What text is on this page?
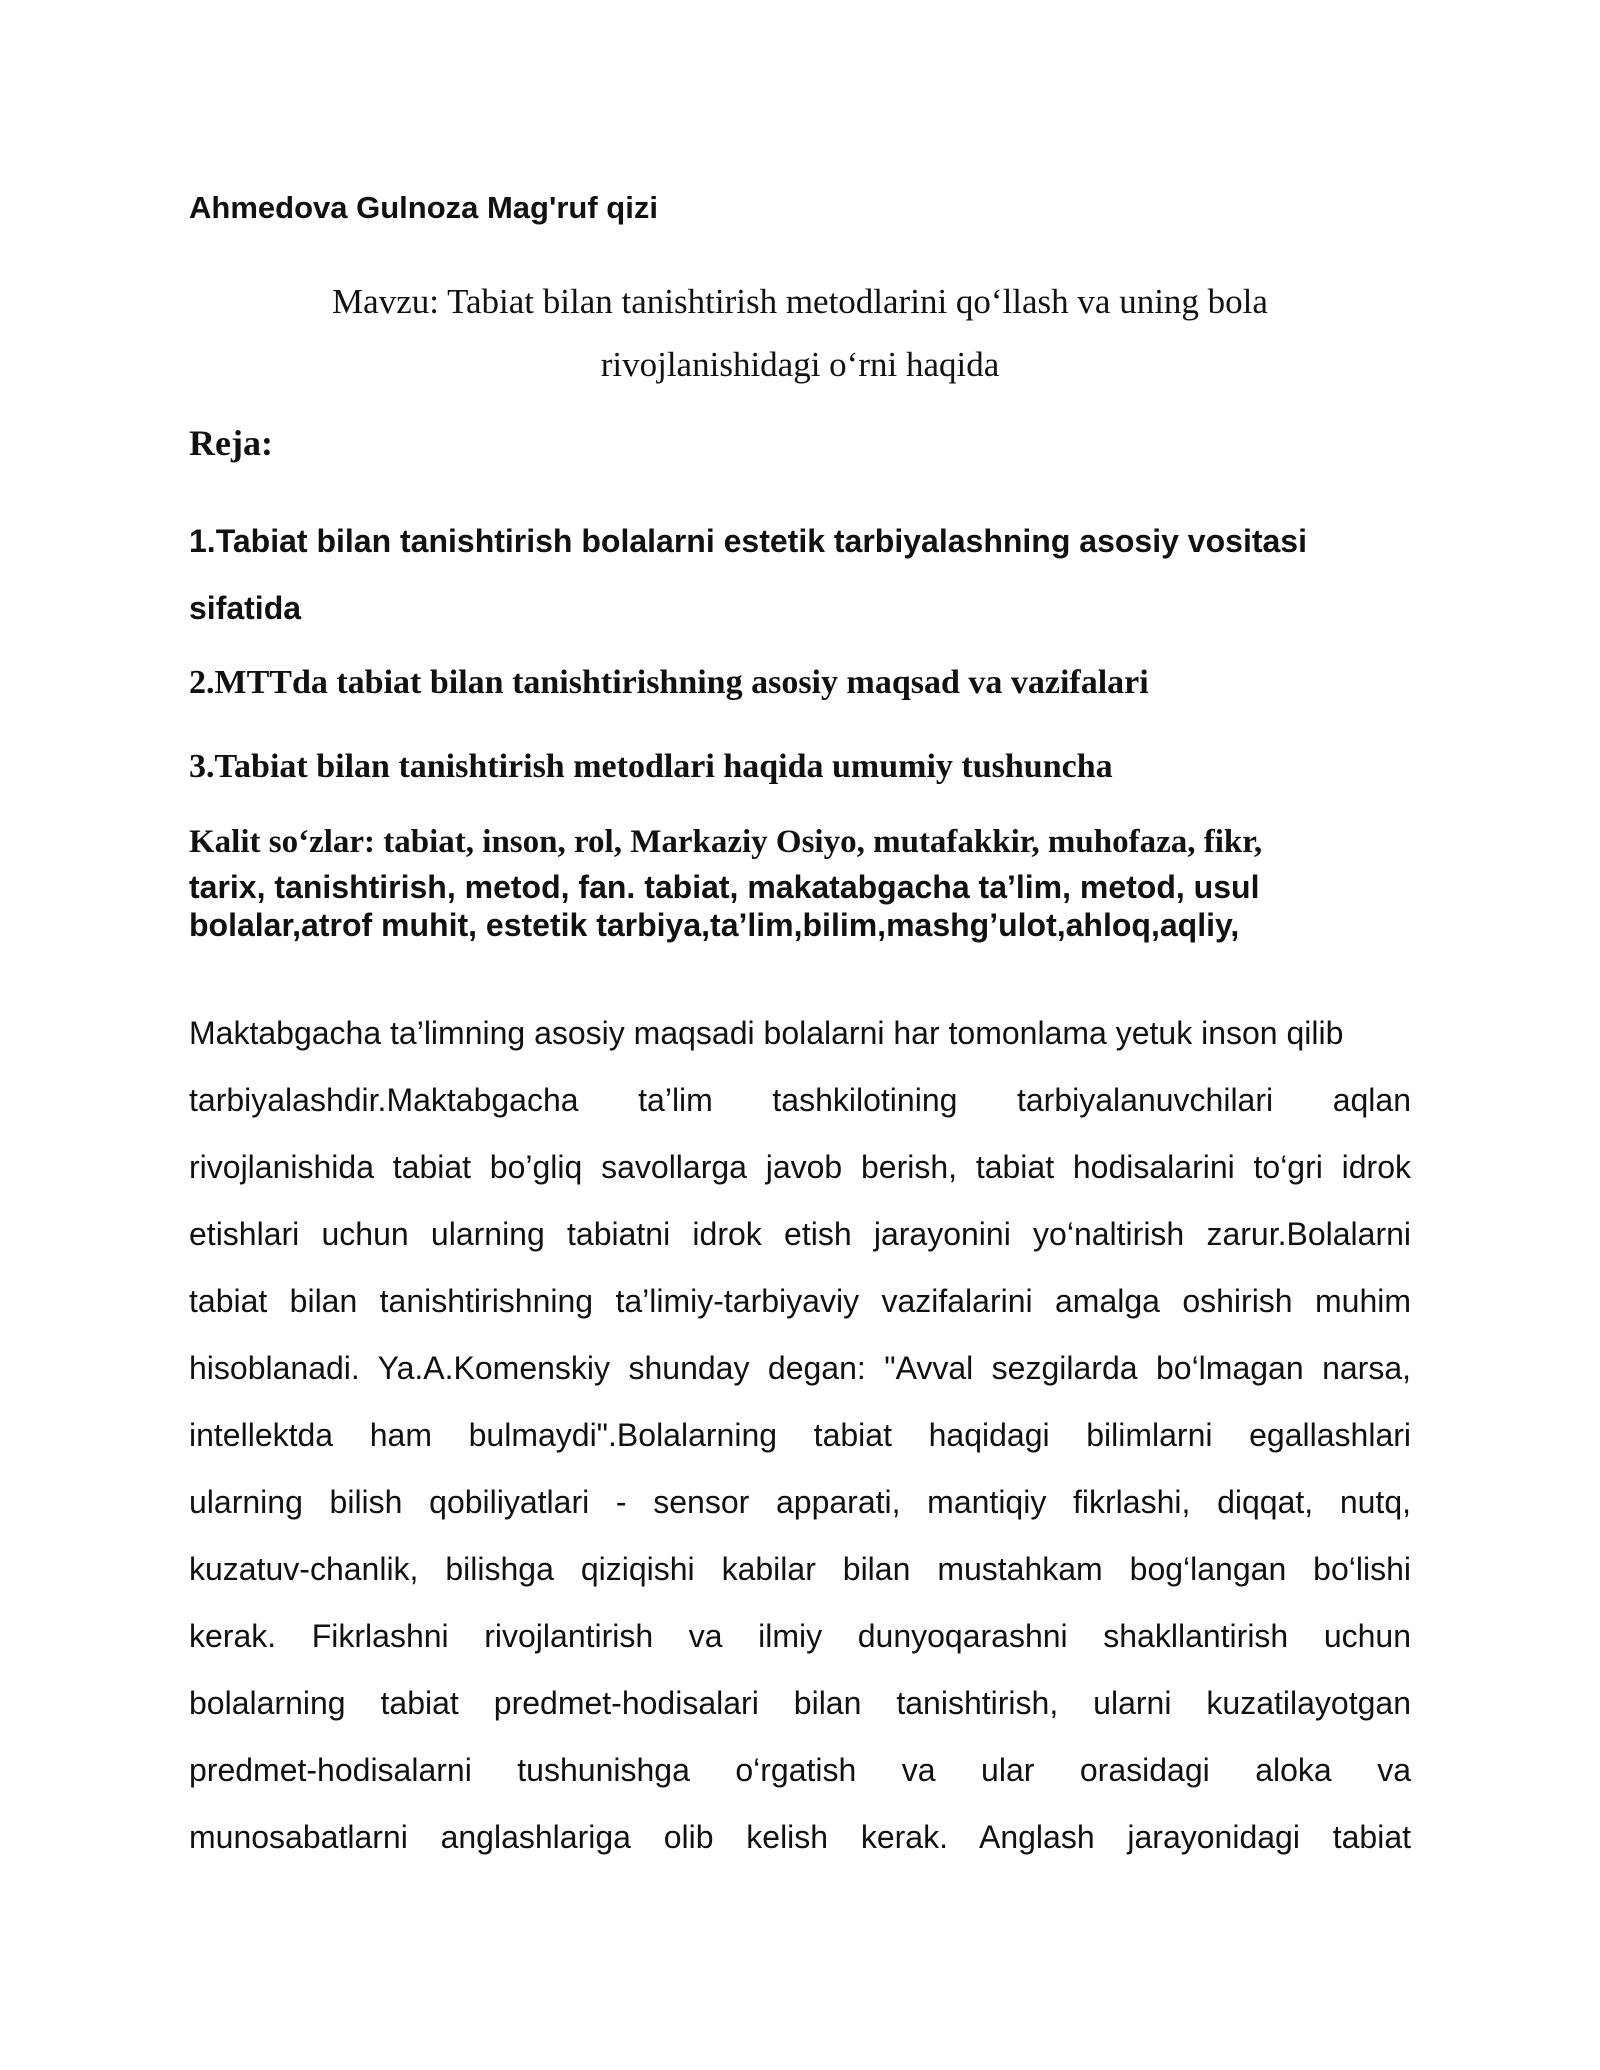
Ahmedova Gulnoza Mag'ruf qizi
Mavzu: Tabiat bilan tanishtirish metodlarini qo‘llash va uning bola
rivojlanishidagi o‘rni haqida
Reja:
1.Tabiat bilan tanishtirish bolalarni estetik tarbiyalashning asosiy vositasi
sifatida
2.MTTda tabiat bilan tanishtirishning asosiy maqsad va vazifalari
3.Tabiat bilan tanishtirish metodlari haqida umumiy tushuncha
Kalit so‘zlar: tabiat, inson, rol, Markaziy Osiyo, mutafakkir, muhofaza, fikr,
tarix, tanishtirish, metod, fan. tabiat, makatabgacha ta’lim, metod, usul
bolalar,atrof muhit, estetik tarbiya,ta’lim,bilim,mashg’ulot,ahloq,aqliy,
Maktabgacha ta’limning asosiy maqsadi bolalarni har tomonlama yetuk inson qilib
tarbiyalashdir.Maktabgacha ta’lim tashkilotining tarbiyalanuvchilari aqlan
rivojlanishida tabiat bo’gliq savollarga javob berish, tabiat hodisalarini to‘gri idrok
etishlari uchun ularning tabiatni idrok etish jarayonini yo‘naltirish zarur.Bolalarni
tabiat bilan tanishtirishning ta’limiy-tarbiyaviy vazifalarini amalga oshirish muhim
hisoblanadi. Ya.A.Komenskiy shunday degan: "Avval sezgilarda bo‘lmagan narsa,
intellektda ham bulmaydi".Bolalarning tabiat haqidagi bilimlarni egallashlari
ularning bilish qobiliyatlari - sensor apparati, mantiqiy fikrlashi, diqqat, nutq,
kuzatuv-chanlik, bilishga qiziqishi kabilar bilan mustahkam bog‘langan bo‘lishi
kerak. Fikrlashni rivojlantirish va ilmiy dunyoqarashni shakllantirish uchun
bolalarning tabiat predmet-hodisalari bilan tanishtirish, ularni kuzatilayotgan
predmet-hodisalarni tushunishga o‘rgatish va ular orasidagi aloka va
munosabatlarni anglashlariga olib kelish kerak. Anglash jarayonidagi tabiat
